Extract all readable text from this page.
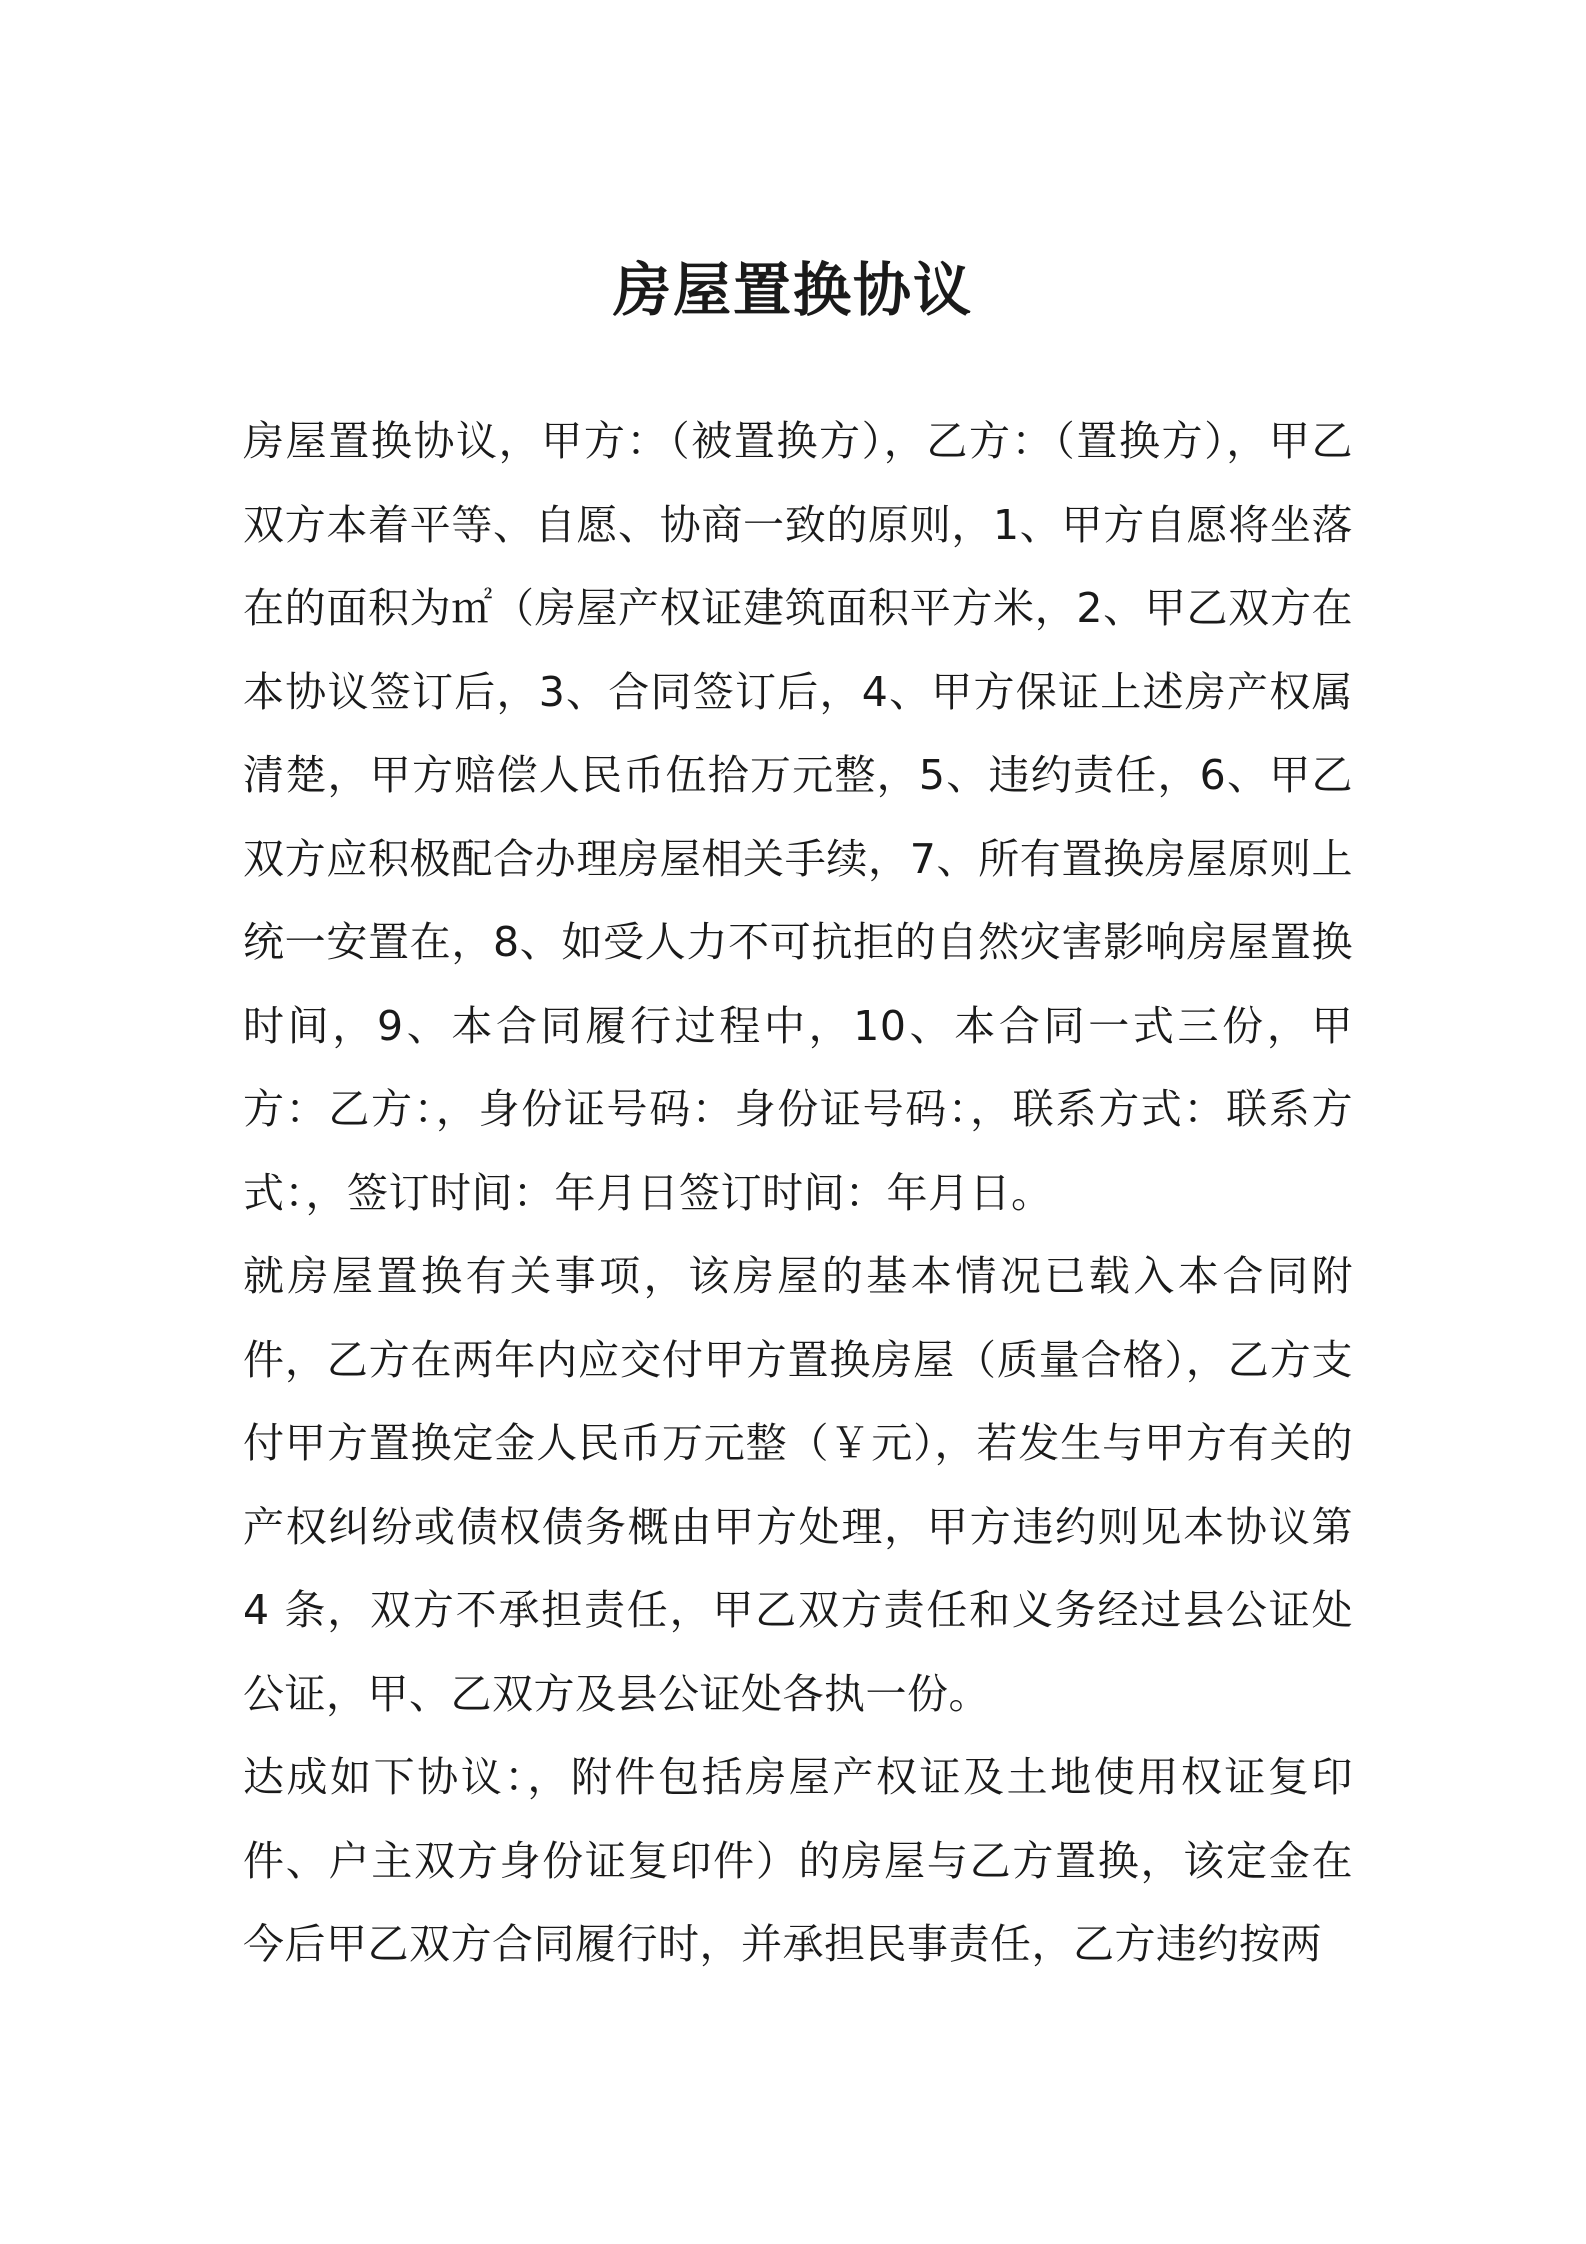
房屋置换协议

房屋置换协议，甲方：（被置换方），乙方：（置换方），甲乙双方本着平等、自愿、协商一致的原则，1、甲方自愿将坐落在的面积为㎡（房屋产权证建筑面积平方米，2、甲乙双方在本协议签订后，3、合同签订后，4、甲方保证上述房产权属清楚，甲方赔偿人民币伍拾万元整，5、违约责任，6、甲乙双方应积极配合办理房屋相关手续，7、所有置换房屋原则上统一安置在，8、如受人力不可抗拒的自然灾害影响房屋置换时间，9、本合同履行过程中，10、本合同一式三份，甲方：乙方：，身份证号码：身份证号码：，联系方式：联系方式：，签订时间：年月日签订时间：年月日。

就房屋置换有关事项，该房屋的基本情况已载入本合同附件，乙方在两年内应交付甲方置换房屋（质量合格），乙方支付甲方置换定金人民币万元整（￥元），若发生与甲方有关的产权纠纷或债权债务概由甲方处理，甲方违约则见本协议第 4 条，双方不承担责任，甲乙双方责任和义务经过县公证处公证，甲、乙双方及县公证处各执一份。

达成如下协议：，附件包括房屋产权证及土地使用权证复印件、户主双方身份证复印件）的房屋与乙方置换，该定金在今后甲乙双方合同履行时，并承担民事责任，乙方违约按两
